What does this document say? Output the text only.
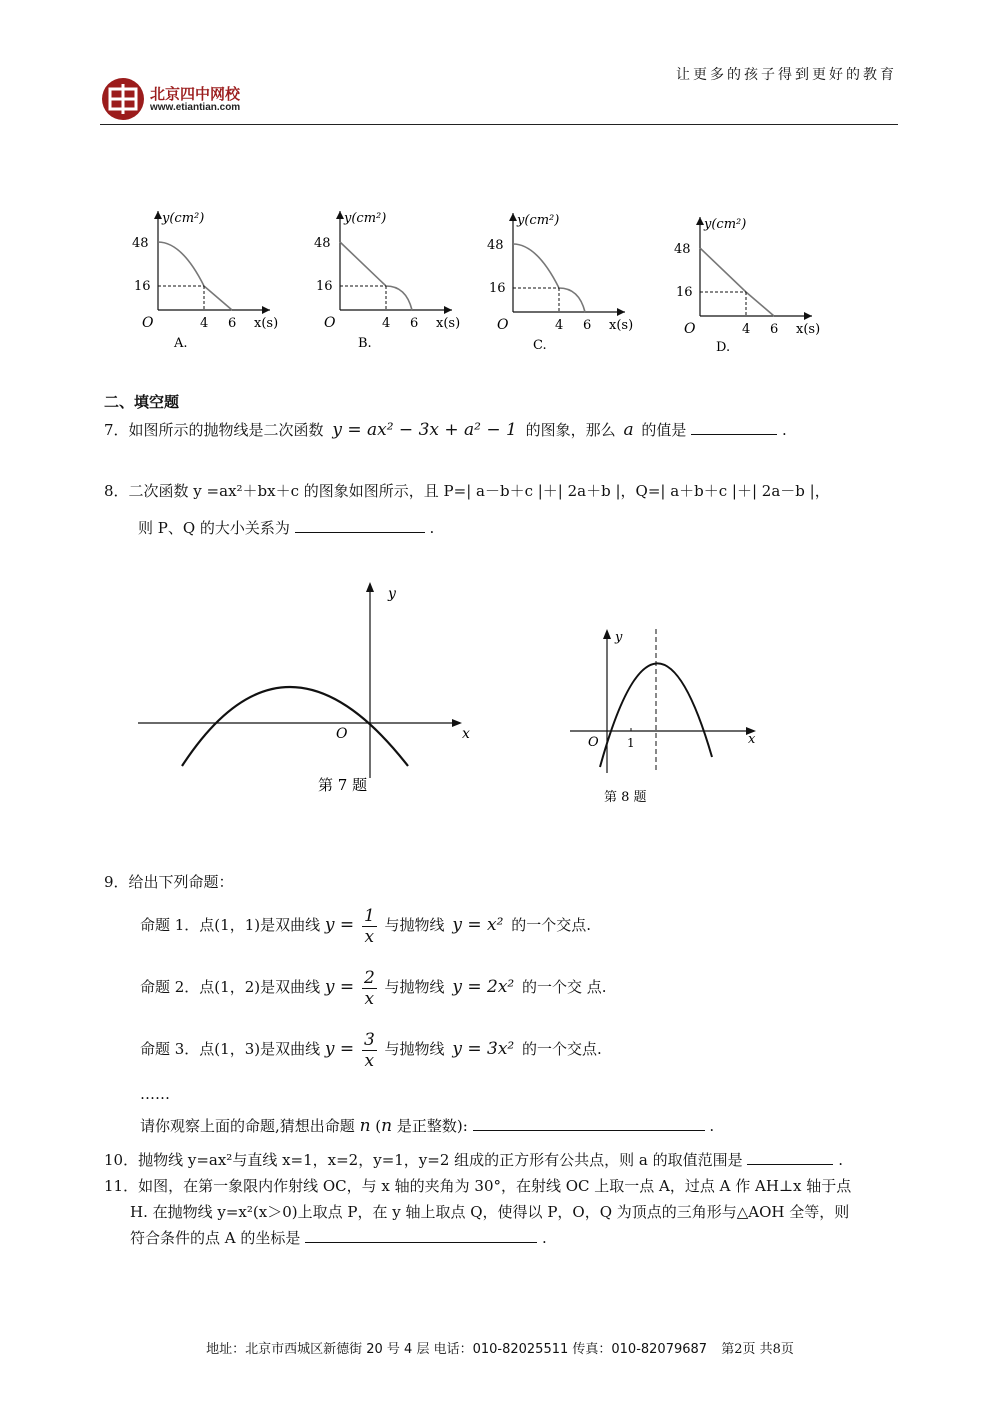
北京四中网校
www.etiantian.com
让更多的孩子得到更好的教育
y(cm²)
48
16
O	4 6 x(s)
A.
y(cm²)
48
16
O	4 6 x(s)
B.
y(cm²)
48
16
O	4 6 x(s)
C.
y(cm²)
48
16
O	4 6 x(s)
D.
二、填空题
7．如图所示的抛物线是二次函数 y = ax² − 3x + a² − 1 的图象，那么 a 的值是	.
8．二次函数 y =ax²＋bx＋c 的图象如图所示，且 P=| a－b＋c |＋| 2a＋b |，Q=| a＋b＋c |＋| 2a－b |，
则 P、Q 的大小关系为	.
y
x
O
第 7 题
y
x
O 1
第 8 题
9．给出下列命题：
命题 1．点(1，1)是双曲线 $y = \frac{1}{x}$ 与抛物线 y = x² 的一个交点.
命题 2．点(1，2)是双曲线 $y = \frac{2}{x}$ 与抛物线 y = 2x² 的一个交 点.
命题 3．点(1，3)是双曲线 $y = \frac{3}{x}$ 与抛物线 y = 3x² 的一个交点.
……
请你观察上面的命题,猜想出命题 n (n 是正整数):	.
10．抛物线 y=ax²与直线 x=1，x=2，y=1，y=2 组成的正方形有公共点，则 a 的取值范围是	.
11．如图，在第一象限内作射线 OC，与 x 轴的夹角为 30°，在射线 OC 上取一点 A，过点 A 作 AH⊥x 轴于点
H. 在抛物线 y=x²(x＞0)上取点 P，在 y 轴上取点 Q，使得以 P，O，Q 为顶点的三角形与△AOH 全等，则
符合条件的点 A 的坐标是	.
地址：北京市西城区新德街 20 号 4 层 电话：010-82025511 传真：010-82079687 第2页 共8页
